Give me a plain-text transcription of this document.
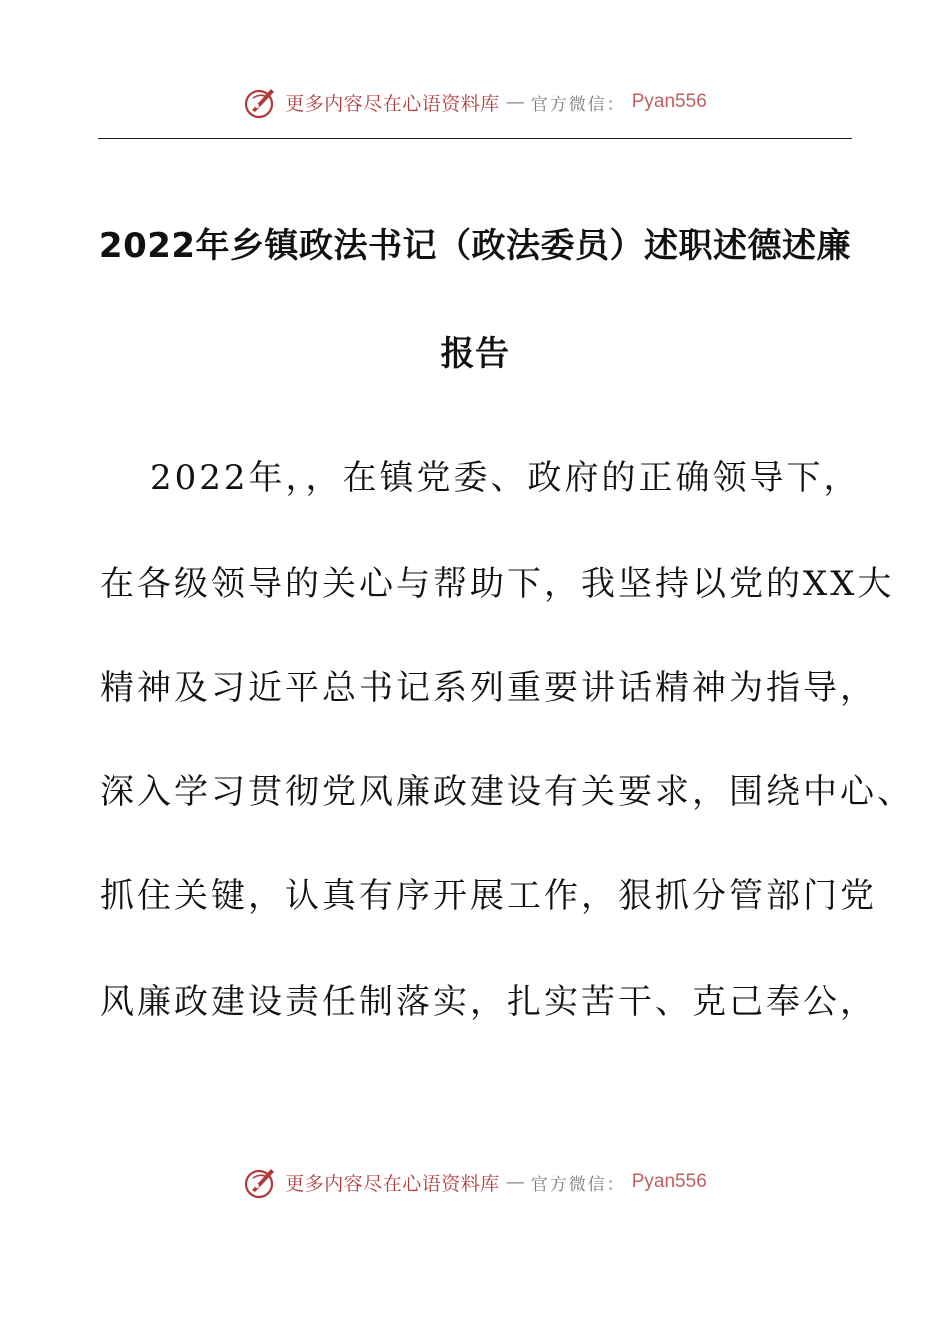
更多内容尽在心语资料库 — 官方微信： Pyan556
2022年乡镇政法书记（政法委员）述职述德述廉
报告
2022年，，在镇党委、政府的正确领导下，
在各级领导的关心与帮助下，我坚持以党的XX大
精神及习近平总书记系列重要讲话精神为指导，
深入学习贯彻党风廉政建设有关要求，围绕中心、
抓住关键，认真有序开展工作，狠抓分管部门党
风廉政建设责任制落实，扎实苦干、克己奉公，
更多内容尽在心语资料库 — 官方微信： Pyan556
